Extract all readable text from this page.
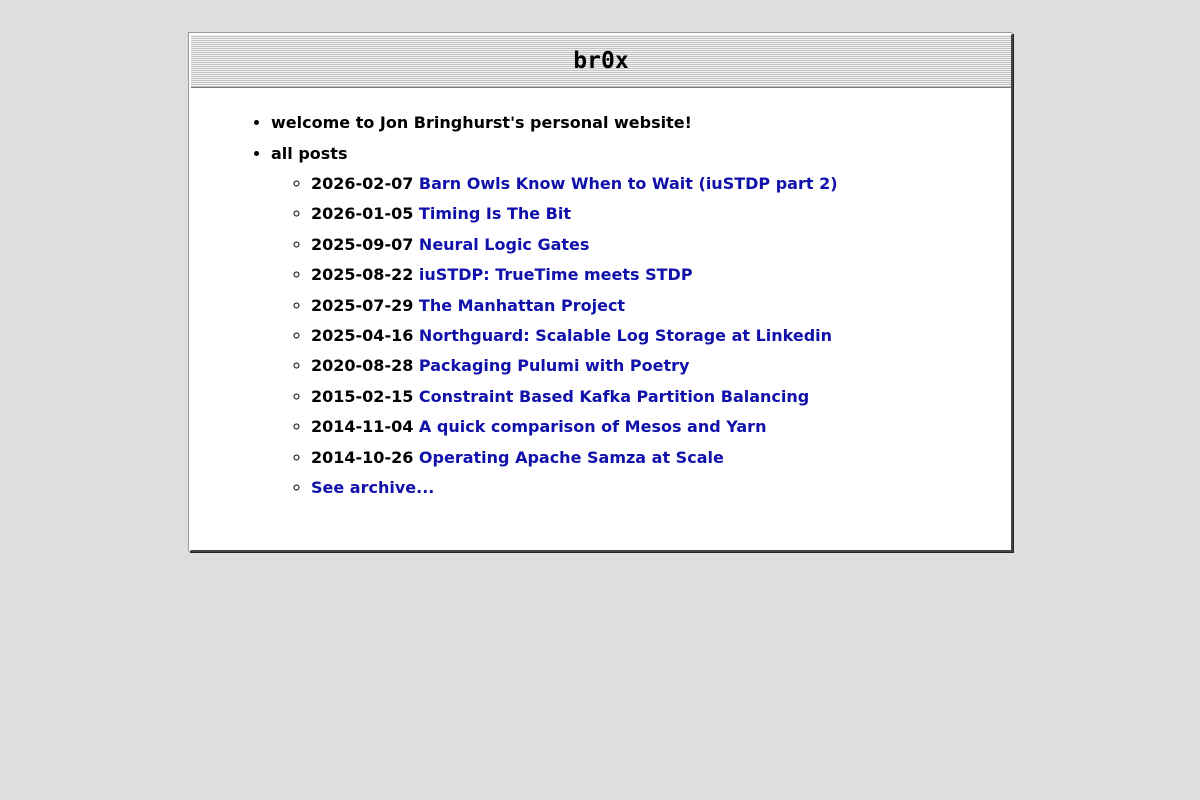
br0x
• welcome to Jon Bringhurst's personal website!
• all posts
◦ 2026-02-07 Barn Owls Know When to Wait (iuSTDP part 2)
◦ 2026-01-05 Timing Is The Bit
◦ 2025-09-07 Neural Logic Gates
◦ 2025-08-22 iuSTDP: TrueTime meets STDP
◦ 2025-07-29 The Manhattan Project
◦ 2025-04-16 Northguard: Scalable Log Storage at Linkedin
◦ 2020-08-28 Packaging Pulumi with Poetry
◦ 2015-02-15 Constraint Based Kafka Partition Balancing
◦ 2014-11-04 A quick comparison of Mesos and Yarn
◦ 2014-10-26 Operating Apache Samza at Scale
◦ See archive...
